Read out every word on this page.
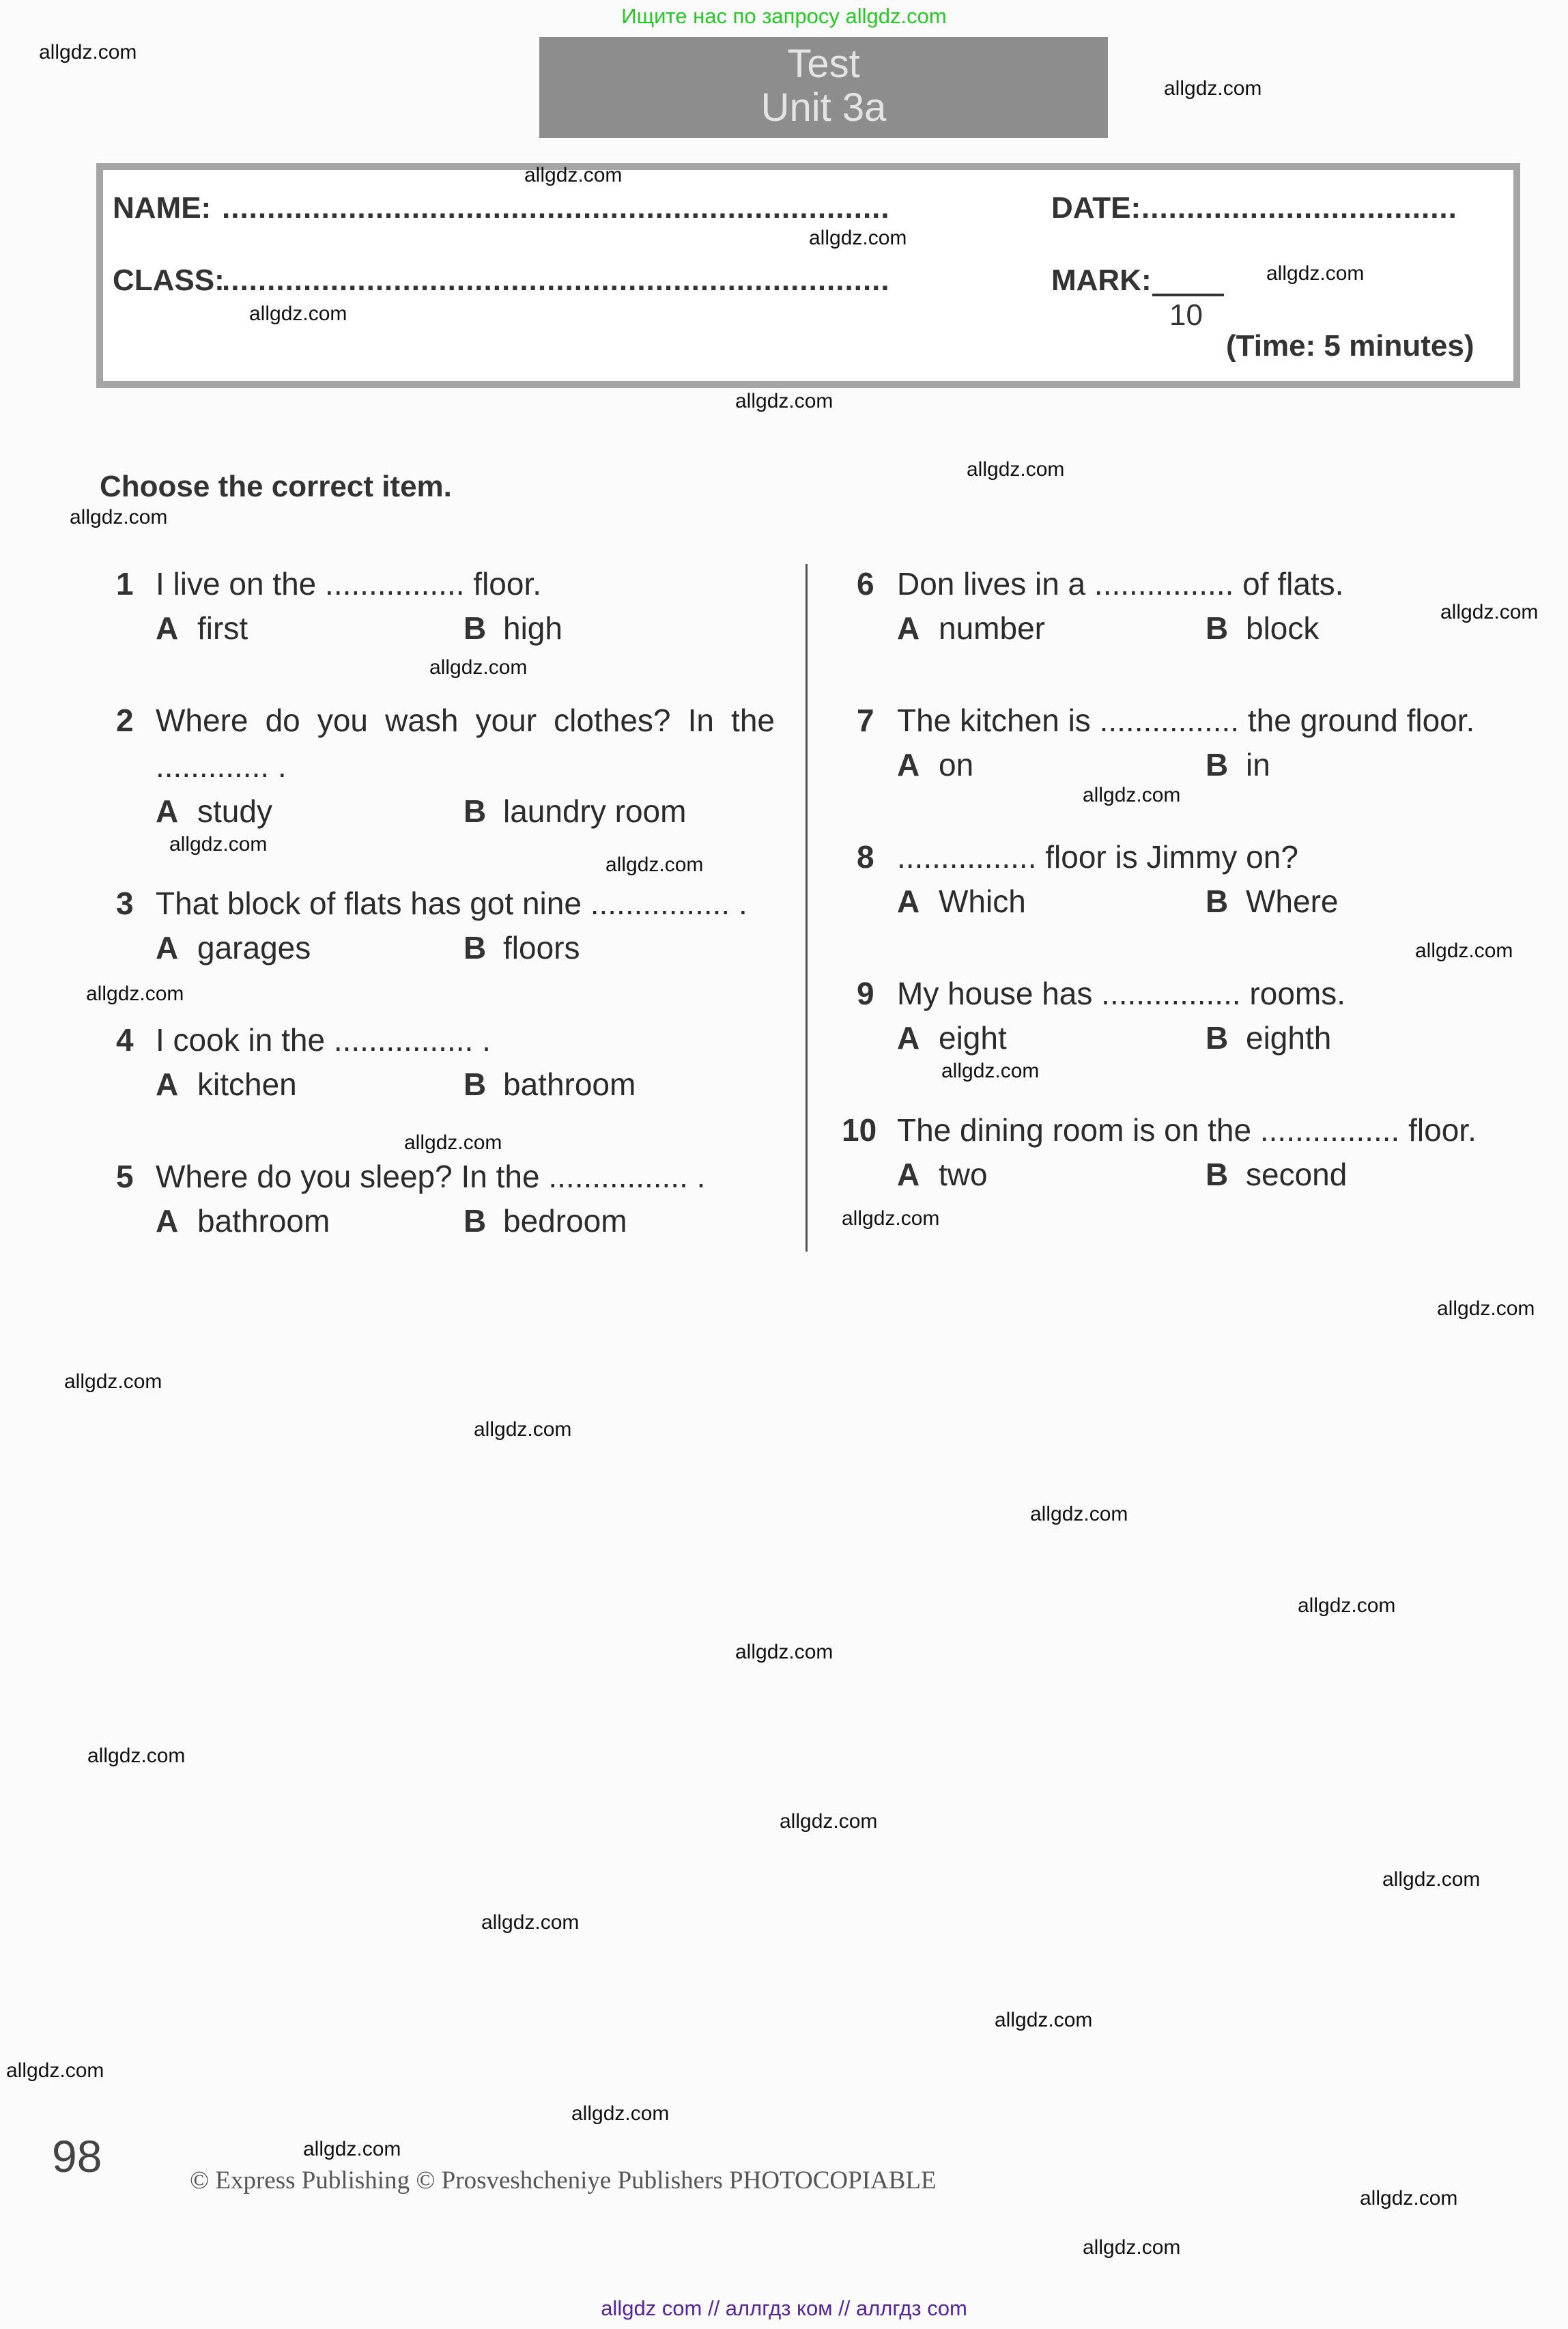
Ищите нас по запросу allgdz.com
Test
Unit 3a
NAME: ..........................................................................
CLASS:
..........................................................................
DATE: ...................................
MARK:
10
(Time: 5 minutes)
Choose the correct item.
1 I live on the ................ floor.
A first	B high
2 Where do you wash your clothes? In the
............. .
A study	B laundry room
3 That block of flats has got nine ................ .
A garages	B floors
4 I cook in the ................ .
A kitchen	B bathroom
5 Where do you sleep? In the ................ .
A bathroom	B bedroom
6 Don lives in a ................ of flats.
A number	B block
7 The kitchen is ................ the ground floor.
A on	B in
8 ................ floor is Jimmy on?
A Which	B Where
9 My house has ................ rooms.
A eight	B eighth
10 The dining room is on the ................ floor.
A two	B second
allgdz.com
allgdz.com
allgdz.com
allgdz.com
allgdz.com
allgdz.com
allgdz.com
allgdz.com
allgdz.com
allgdz.com
allgdz.com
allgdz.com
allgdz.com
allgdz.com
allgdz.com
allgdz.com
allgdz.com
allgdz.com
allgdz.com
allgdz.com
allgdz.com
allgdz.com
allgdz.com
allgdz.com
allgdz.com
allgdz.com
allgdz.com
allgdz.com
allgdz.com
allgdz.com
allgdz.com
allgdz.com
allgdz.com
allgdz.com
allgdz.com
98	© Express Publishing © Prosveshcheniye Publishers PHOTOCOPIABLE
allgdz com // аллгдз ком // аллгдз com
